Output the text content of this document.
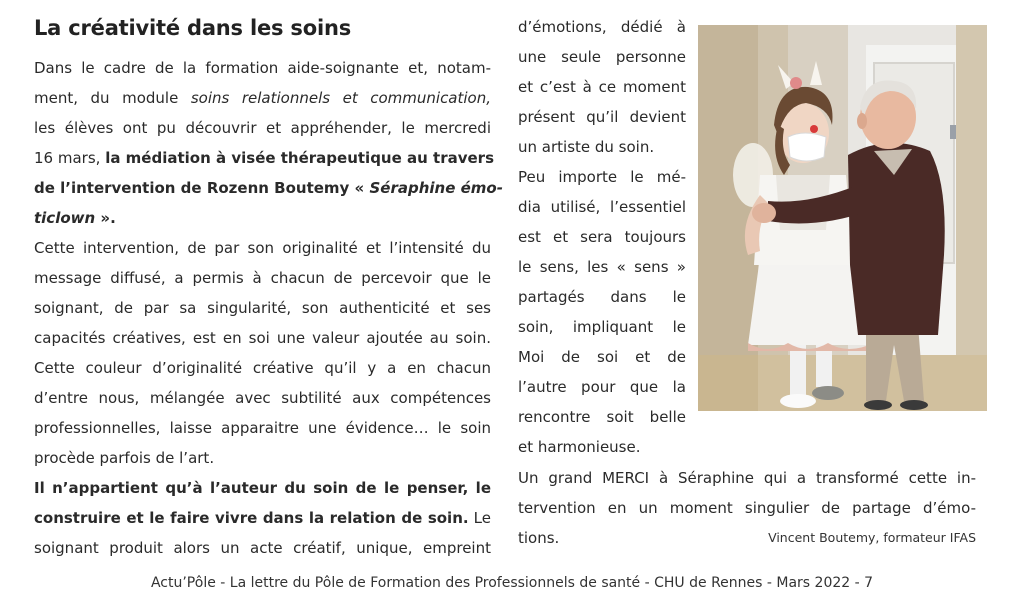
La créativité dans les soins
Dans le cadre de la formation aide-soignante et, notam-
ment, du module soins relationnels et communication,
les élèves ont pu découvrir et appréhender, le mercredi
16 mars, la médiation à visée thérapeutique au travers
de l’intervention de Rozenn Boutemy « Séraphine émo-
ticlown ».
Cette intervention, de par son originalité et l’intensité du
message diffusé, a permis à chacun de percevoir que le
soignant, de par sa singularité, son authenticité et ses
capacités créatives, est en soi une valeur ajoutée au soin.
Cette couleur d’originalité créative qu’il y a en chacun
d’entre nous, mélangée avec subtilité aux compétences
professionnelles, laisse apparaitre une évidence… le soin
procède parfois de l’art.
Il n’appartient qu’à l’auteur du soin de le penser, le
construire et le faire vivre dans la relation de soin. Le
soignant produit alors un acte créatif, unique, empreint
d’émotions, dédié à
une seule personne
et c’est à ce moment
présent qu’il devient
un artiste du soin.
Peu importe le mé-
dia utilisé, l’essentiel
est et sera toujours
le sens, les « sens »
partagés dans le
soin, impliquant le
Moi de soi et de
l’autre pour que la
rencontre soit belle
et harmonieuse.
Un grand MERCI à Séraphine qui a transformé cette in-
tervention en un moment singulier de partage d’émo-
tions.	Vincent Boutemy, formateur IFAS
Actu’Pôle - La lettre du Pôle de Formation des Professionnels de santé - CHU de Rennes - Mars 2022 - 7
